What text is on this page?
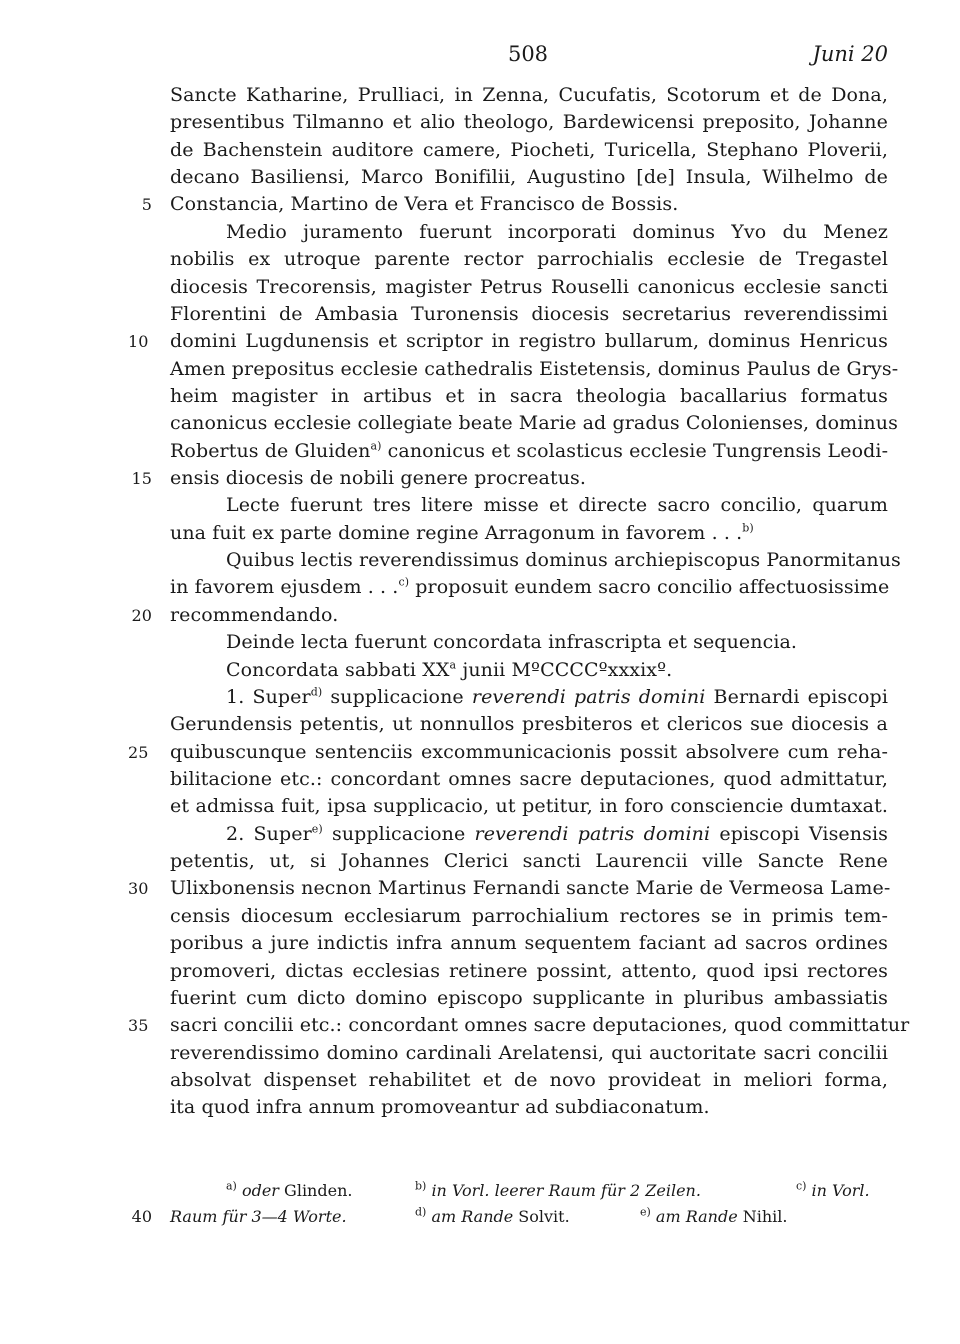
508	Juni 20
Sancte Katharine, Prulliaci, in Zenna, Cucufatis, Scotorum et de Dona,
presentibus Tilmanno et alio theologo, Bardewicensi preposito, Johanne
de Bachenstein auditore camere, Piocheti, Turicella, Stephano Ploverii,
decano Basiliensi, Marco Bonifilii, Augustino [de] Insula, Wilhelmo de
5 Constancia, Martino de Vera et Francisco de Bossis.
Medio juramento fuerunt incorporati dominus Yvo du Menez
nobilis ex utroque parente rector parrochialis ecclesie de Tregastel
diocesis Trecorensis, magister Petrus Rouselli canonicus ecclesie sancti
Florentini de Ambasia Turonensis diocesis secretarius reverendissimi
10 domini Lugdunensis et scriptor in registro bullarum, dominus Henricus
Amen prepositus ecclesie cathedralis Eistetensis, dominus Paulus de Grys-
heim magister in artibus et in sacra theologia bacallarius formatus
canonicus ecclesie collegiate beate Marie ad gradus Colonienses, dominus
Robertus de Gluiden$^{a)}$ canonicus et scolasticus ecclesie Tungrensis Leodi-
15 ensis diocesis de nobili genere procreatus.
Lecte fuerunt tres litere misse et directe sacro concilio, quarum
una fuit ex parte domine regine Arragonum in favorem . . .$^{b)}$
Quibus lectis reverendissimus dominus archiepiscopus Panormitanus
in favorem ejusdem . . .$^{c)}$ proposuit eundem sacro concilio affectuosissime
20 recommendando.
Deinde lecta fuerunt concordata infrascripta et sequencia.
Concordata sabbati $XX^a$ junii MºCCCCºxxxixº.
1. Super$^{d)}$ supplicacione reverendi patris domini Bernardi episcopi
Gerundensis petentis, ut nonnullos presbiteros et clericos sue diocesis a
25 quibuscunque sentenciis excommunicacionis possit absolvere cum reha-
bilitacione etc.: concordant omnes sacre deputaciones, quod admittatur,
et admissa fuit, ipsa supplicacio, ut petitur, in foro consciencie dumtaxat.
2. Super$^{e)}$ supplicacione reverendi patris domini episcopi Visensis
petentis, ut, si Johannes Clerici sancti Laurencii ville Sancte Rene
30 Ulixbonensis necnon Martinus Fernandi sancte Marie de Vermeosa Lame-
censis diocesum ecclesiarum parrochialium rectores se in primis tem-
poribus a jure indictis infra annum sequentem faciant ad sacros ordines
promoveri, dictas ecclesias retinere possint, attento, quod ipsi rectores
fuerint cum dicto domino episcopo supplicante in pluribus ambassiatis
35 sacri concilii etc.: concordant omnes sacre deputaciones, quod committatur
reverendissimo domino cardinali Arelatensi, qui auctoritate sacri concilii
absolvat dispenset rehabilitet et de novo provideat in meliori forma,
ita quod infra annum promoveantur ad subdiaconatum.
$^{a)}$ oder Glinden.	$^{b)}$ in Vorl. leerer Raum für 2 Zeilen.	$^{c)}$ in Vorl.
40 Raum für 3—4 Worte.	$^{d)}$ am Rande Solvit.	$^{e)}$ am Rande Nihil.
